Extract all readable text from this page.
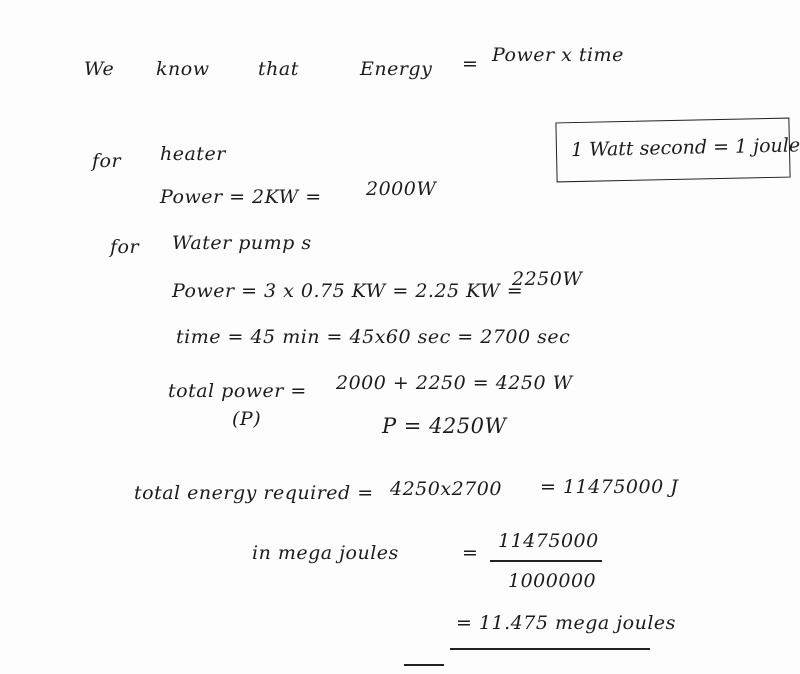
We know	that	Energy = Power x time
1 Watt second = 1 joule
for heater
Power = 2KW = 2000W
for Water pump s
Power = 3 x 0.75 KW = 2.25 KW =
2250W
time = 45 min = 45x60 sec = 2700 sec
total power = 2000 + 2250 = 4250 W
(P)	P = 4250W
total energy required = 4250x2700 = 11475000 J
in mega joules	=
11475000
1000000
= 11.475 mega joules
